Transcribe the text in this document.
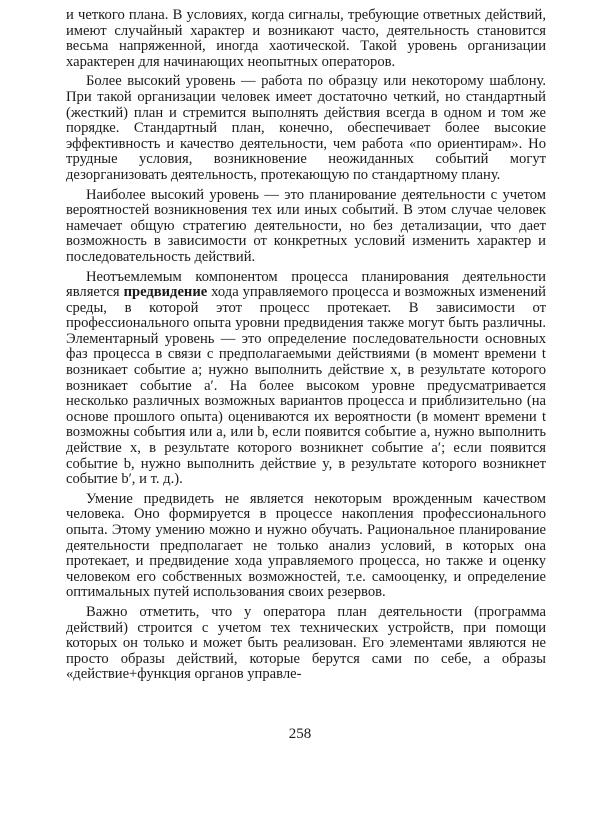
и четкого плана. В условиях, когда сигналы, требующие ответных действий, имеют случайный характер и возникают часто, деятельность становится весьма напряженной, иногда хаотической. Такой уровень организации характерен для начинающих неопытных операторов.

Более высокий уровень — работа по образцу или некоторому шаблону. При такой организации человек имеет достаточно четкий, но стандартный (жесткий) план и стремится выполнять действия всегда в одном и том же порядке. Стандартный план, конечно, обеспечивает более высокие эффективность и качество деятельности, чем работа «по ориентирам». Но трудные условия, возникновение неожиданных событий могут дезорганизовать деятельность, протекающую по стандартному плану.

Наиболее высокий уровень — это планирование деятельности с учетом вероятностей возникновения тех или иных событий. В этом случае человек намечает общую стратегию деятельности, но без детализации, что дает возможность в зависимости от конкретных условий изменить характер и последовательность действий.

Неотъемлемым компонентом процесса планирования деятельности является предвидение хода управляемого процесса и возможных изменений среды, в которой этот процесс протекает. В зависимости от профессионального опыта уровни предвидения также могут быть различны. Элементарный уровень — это определение последовательности основных фаз процесса в связи с предполагаемыми действиями (в момент времени t возникает событие a; нужно выполнить действие x, в результате которого возникает событие a′. На более высоком уровне предусматривается несколько различных возможных вариантов процесса и приблизительно (на основе прошлого опыта) оцениваются их вероятности (в момент времени t возможны события или a, или b, если появится событие a, нужно выполнить действие x, в результате которого возникнет событие a′; если появится событие b, нужно выполнить действие y, в результате которого возникнет событие b′, и т. д.).

Умение предвидеть не является некоторым врожденным качеством человека. Оно формируется в процессе накопления профессионального опыта. Этому умению можно и нужно обучать. Рациональное планирование деятельности предполагает не только анализ условий, в которых она протекает, и предвидение хода управляемого процесса, но также и оценку человеком его собственных возможностей, т.е. самооценку, и определение оптимальных путей использования своих резервов.

Важно отметить, что у оператора план деятельности (программа действий) строится с учетом тех технических устройств, при помощи которых он только и может быть реализован. Его элементами являются не просто образы действий, которые берутся сами по себе, а образы «действие+функция органов управле-

258
